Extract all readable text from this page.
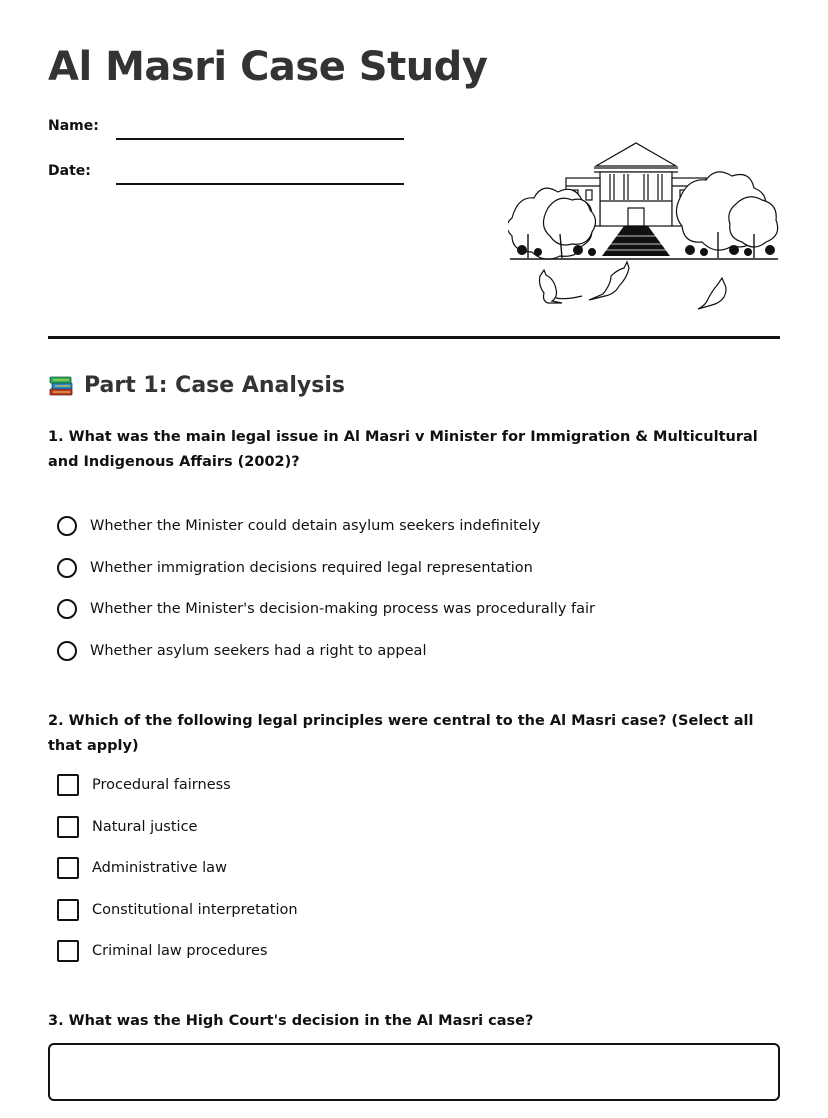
Al Masri Case Study
Name:
Date:
Part 1: Case Analysis

1. What was the main legal issue in Al Masri v Minister for Immigration & Multicultural and Indigenous Affairs (2002)?

Whether the Minister could detain asylum seekers indefinitely
Whether immigration decisions required legal representation
Whether the Minister's decision-making process was procedurally fair
Whether asylum seekers had a right to appeal

2. Which of the following legal principles were central to the Al Masri case? (Select all that apply)

Procedural fairness
Natural justice
Administrative law
Constitutional interpretation
Criminal law procedures

3. What was the High Court's decision in the Al Masri case?
